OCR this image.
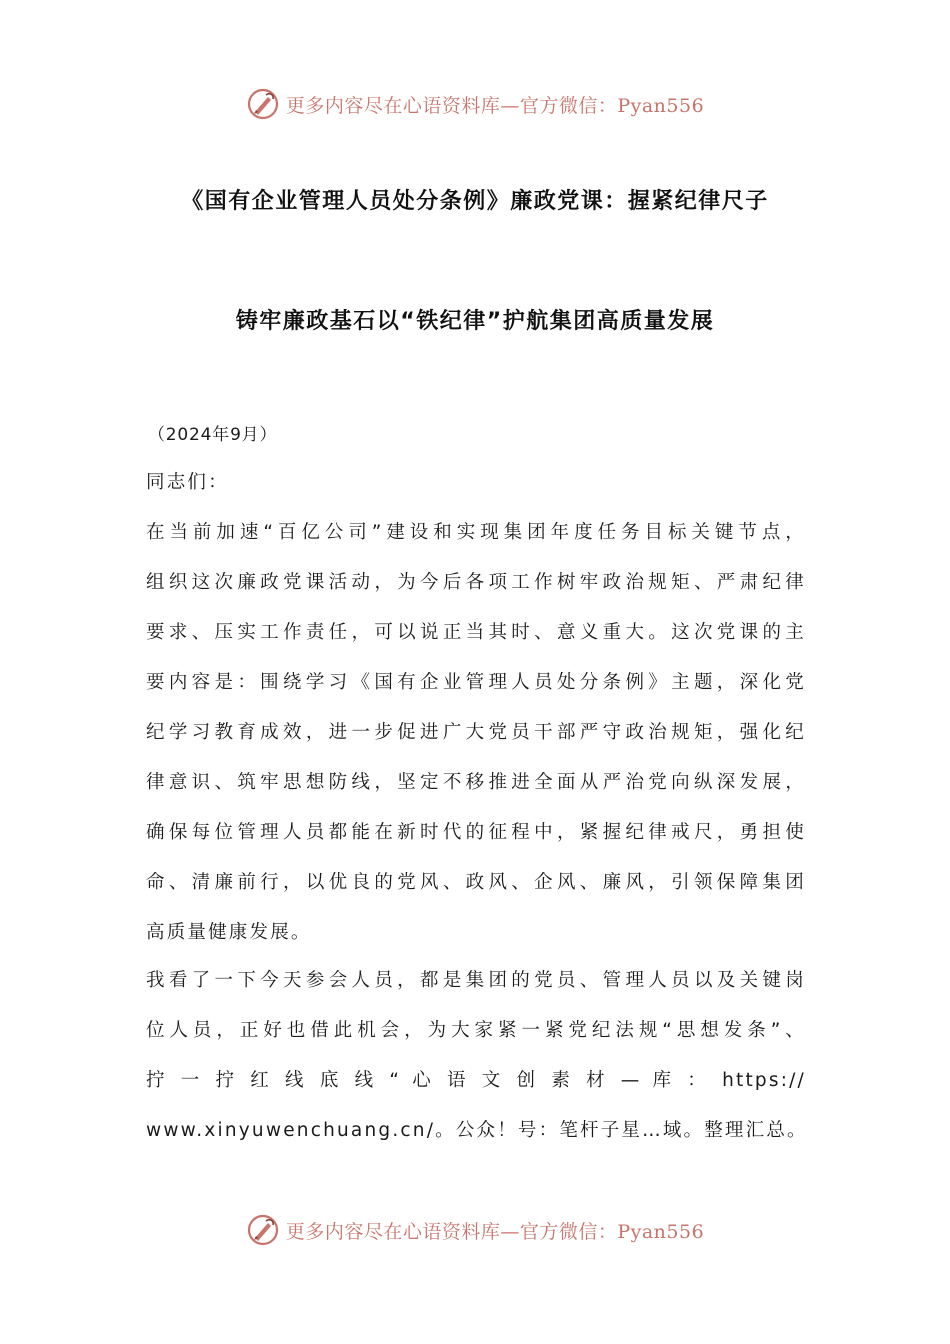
更多内容尽在心语资料库—官方微信：Pyan556
《国有企业管理人员处分条例》廉政党课：握紧纪律尺子
铸牢廉政基石以“铁纪律”护航集团高质量发展
（2024年9月）
同志们：
在当前加速“百亿公司”建设和实现集团年度任务目标关键节点，
组织这次廉政党课活动，为今后各项工作树牢政治规矩、严肃纪律
要求、压实工作责任，可以说正当其时、意义重大。这次党课的主
要内容是：围绕学习《国有企业管理人员处分条例》主题，深化党
纪学习教育成效，进一步促进广大党员干部严守政治规矩，强化纪
律意识、筑牢思想防线，坚定不移推进全面从严治党向纵深发展，
确保每位管理人员都能在新时代的征程中，紧握纪律戒尺，勇担使
命、清廉前行，以优良的党风、政风、企风、廉风，引领保障集团
高质量健康发展。
我看了一下今天参会人员，都是集团的党员、管理人员以及关键岗
位人员，正好也借此机会，为大家紧一紧党纪法规“思想发条”、
拧 一 拧 红 线 底 线 “ 心 语 文 创 素 材 — 库 ： https://
www.xinyuwenchuang.cn/。公众！号：笔杆子星…域。整理汇总。
更多内容尽在心语资料库—官方微信：Pyan556
